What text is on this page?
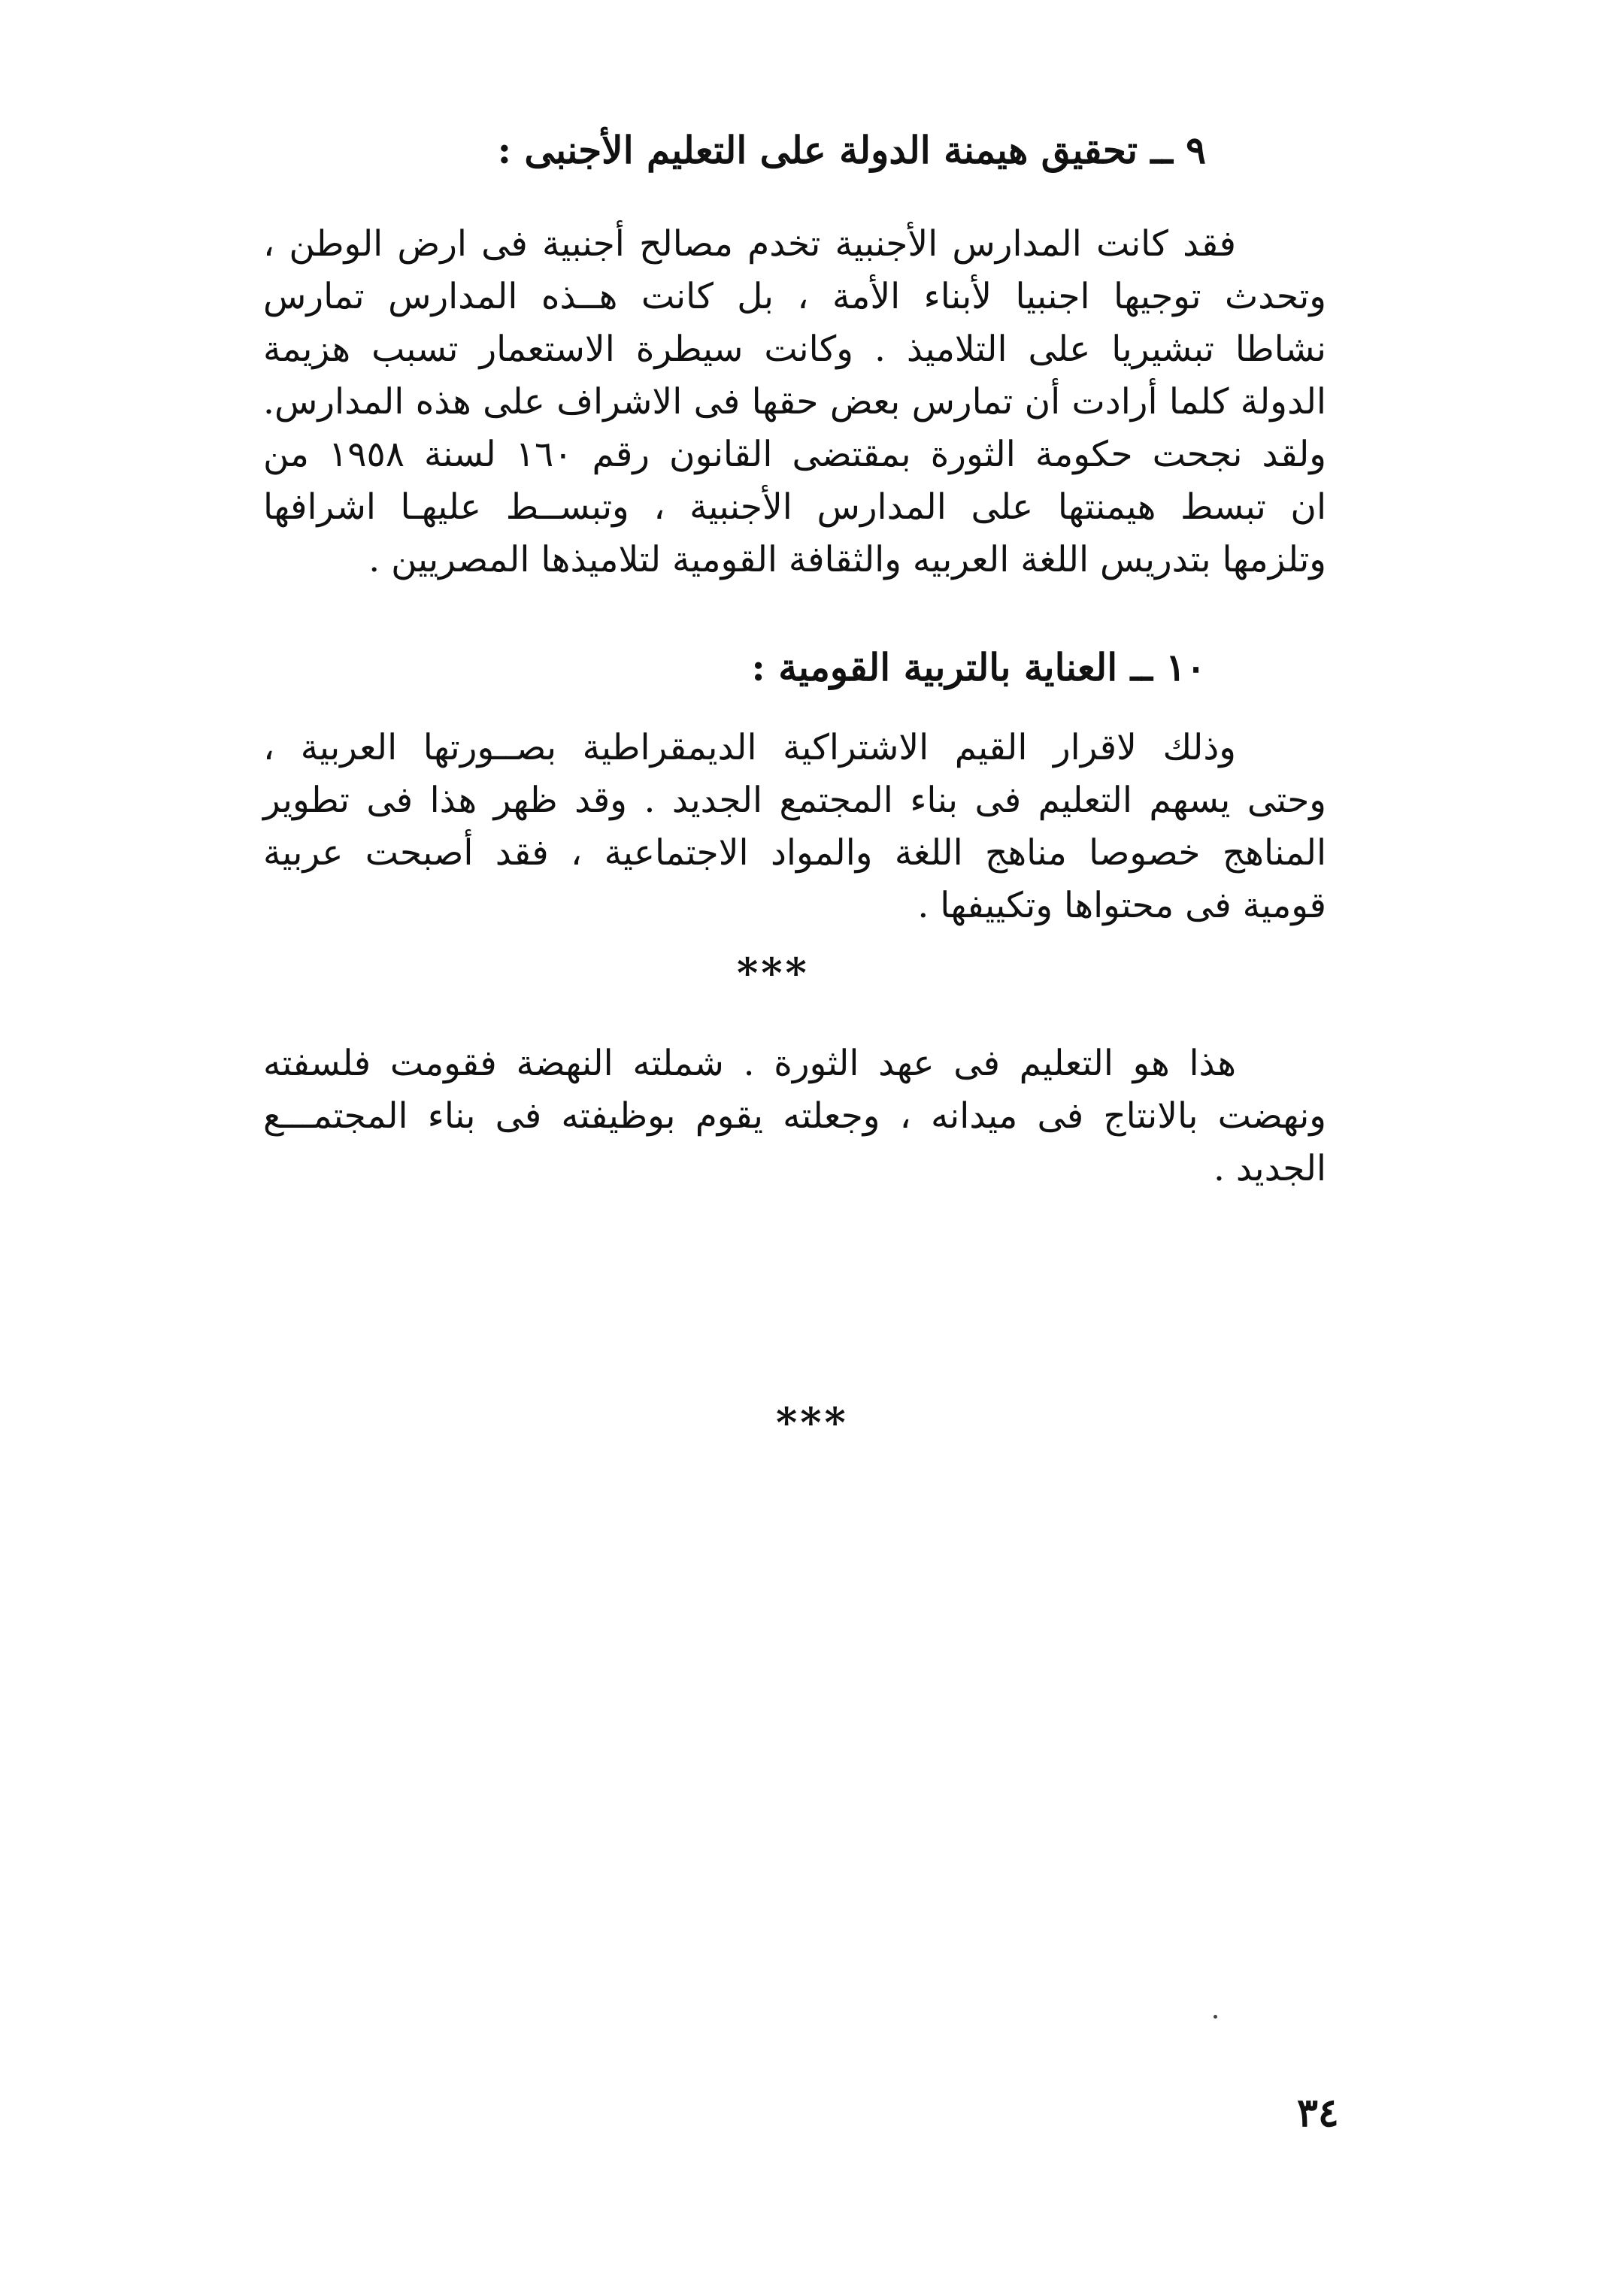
٩ ــ تحقيق هيمنة الدولة على التعليم الأجنبى :
فقد كانت المدارس الأجنبية تخدم مصالح أجنبية فى ارض الوطن ،
وتحدث توجيها اجنبيا لأبناء الأمة ، بل كانت هــذه المدارس تمارس
نشاطا تبشيريا على التلاميذ . وكانت سيطرة الاستعمار تسبب هزيمة
الدولة كلما أرادت أن تمارس بعض حقها فى الاشراف على هذه المدارس.
ولقد نجحت حكومة الثورة بمقتضى القانون رقم ١٦٠ لسنة ١٩٥٨ من
ان تبسط هيمنتها على المدارس الأجنبية ، وتبســط عليهـا اشرافها
وتلزمها بتدريس اللغة العربيه والثقافة القومية لتلاميذها المصريين .
١٠ ــ العناية بالتربية القومية :
وذلك لاقرار القيم الاشتراكية الديمقراطية بصــورتها العربية ،
وحتى يسهم التعليم فى بناء المجتمع الجديد . وقد ظهر هذا فى تطوير
المناهج خصوصا مناهج اللغة والمواد الاجتماعية ، فقد أصبحت عربية
قومية فى محتواها وتكييفها .
***
هذا هو التعليم فى عهد الثورة . شملته النهضة فقومت فلسفته
ونهضت بالانتاج فى ميدانه ، وجعلته يقوم بوظيفته فى بناء المجتمـــع
الجديد .
***
٣٤
